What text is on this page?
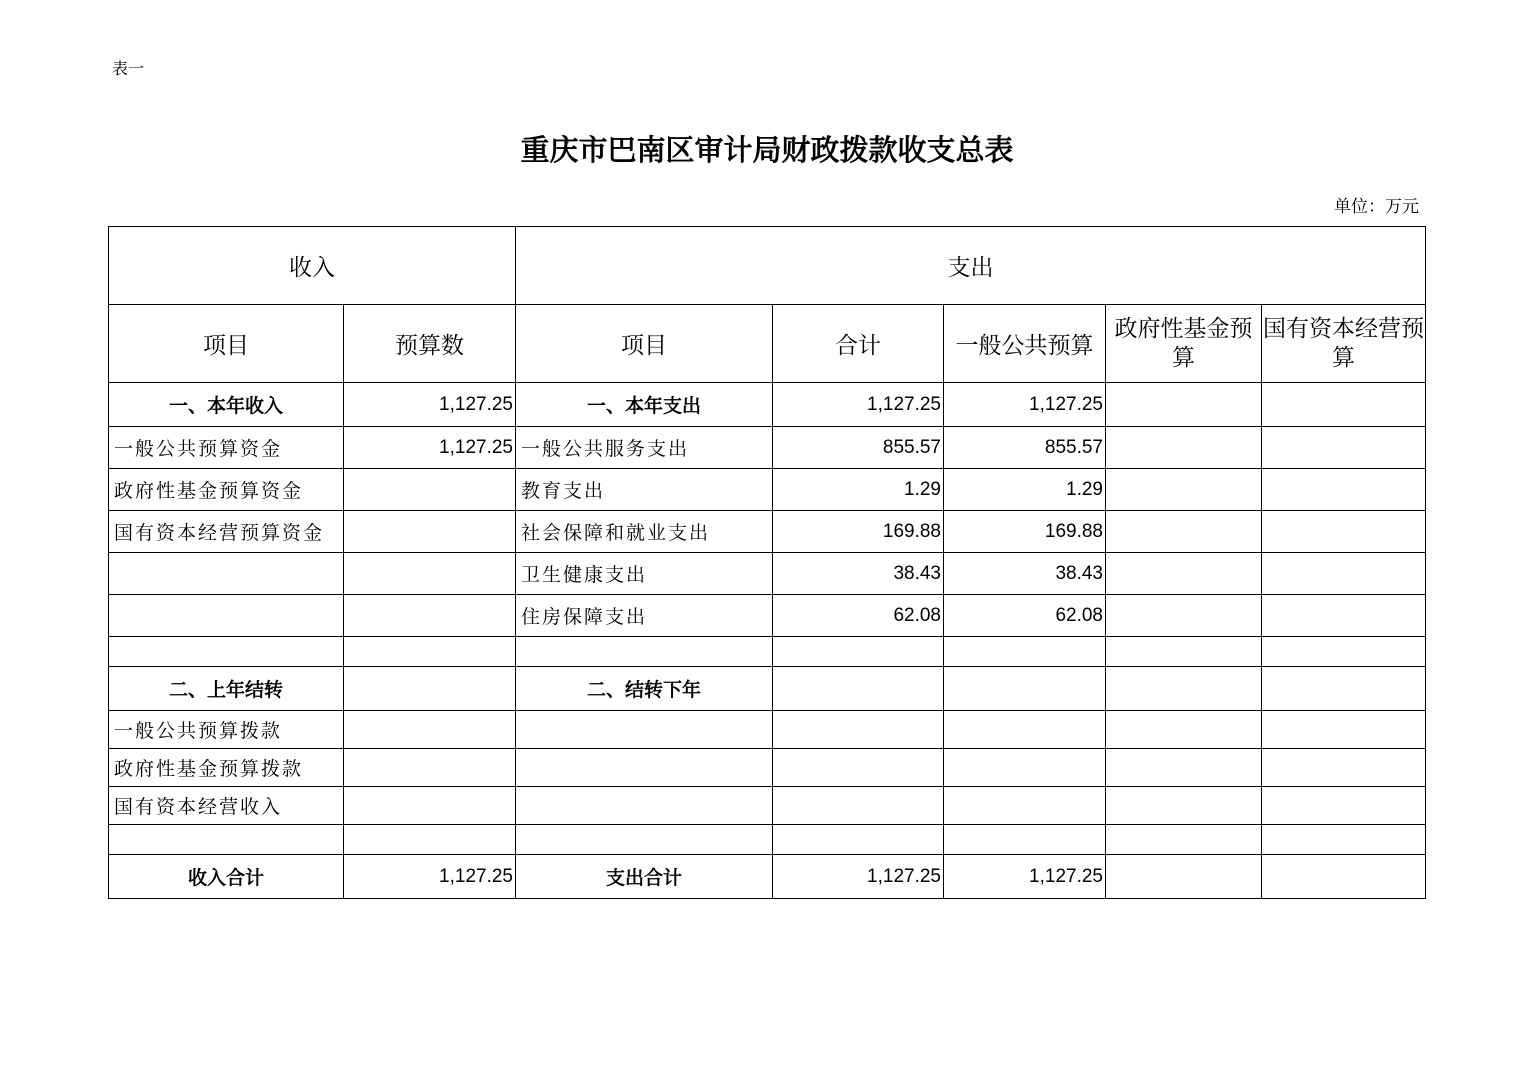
表一
重庆市巴南区审计局财政拨款收支总表
单位：万元
收入		支出				
项目	预算数	项目	合计	一般公共预算	政府性基金预算	国有资本经营预算
一、本年收入	1,127.25	一、本年支出	1,127.25	1,127.25		
一般公共预算资金	1,127.25	一般公共服务支出	855.57	855.57		
政府性基金预算资金		教育支出	1.29	1.29		
国有资本经营预算资金		社会保障和就业支出	169.88	169.88		
		卫生健康支出	38.43	38.43		
		住房保障支出	62.08	62.08		

二、上年结转		二、结转下年				
一般公共预算拨款						
政府性基金预算拨款						
国有资本经营收入						

收入合计	1,127.25	支出合计	1,127.25	1,127.25		
